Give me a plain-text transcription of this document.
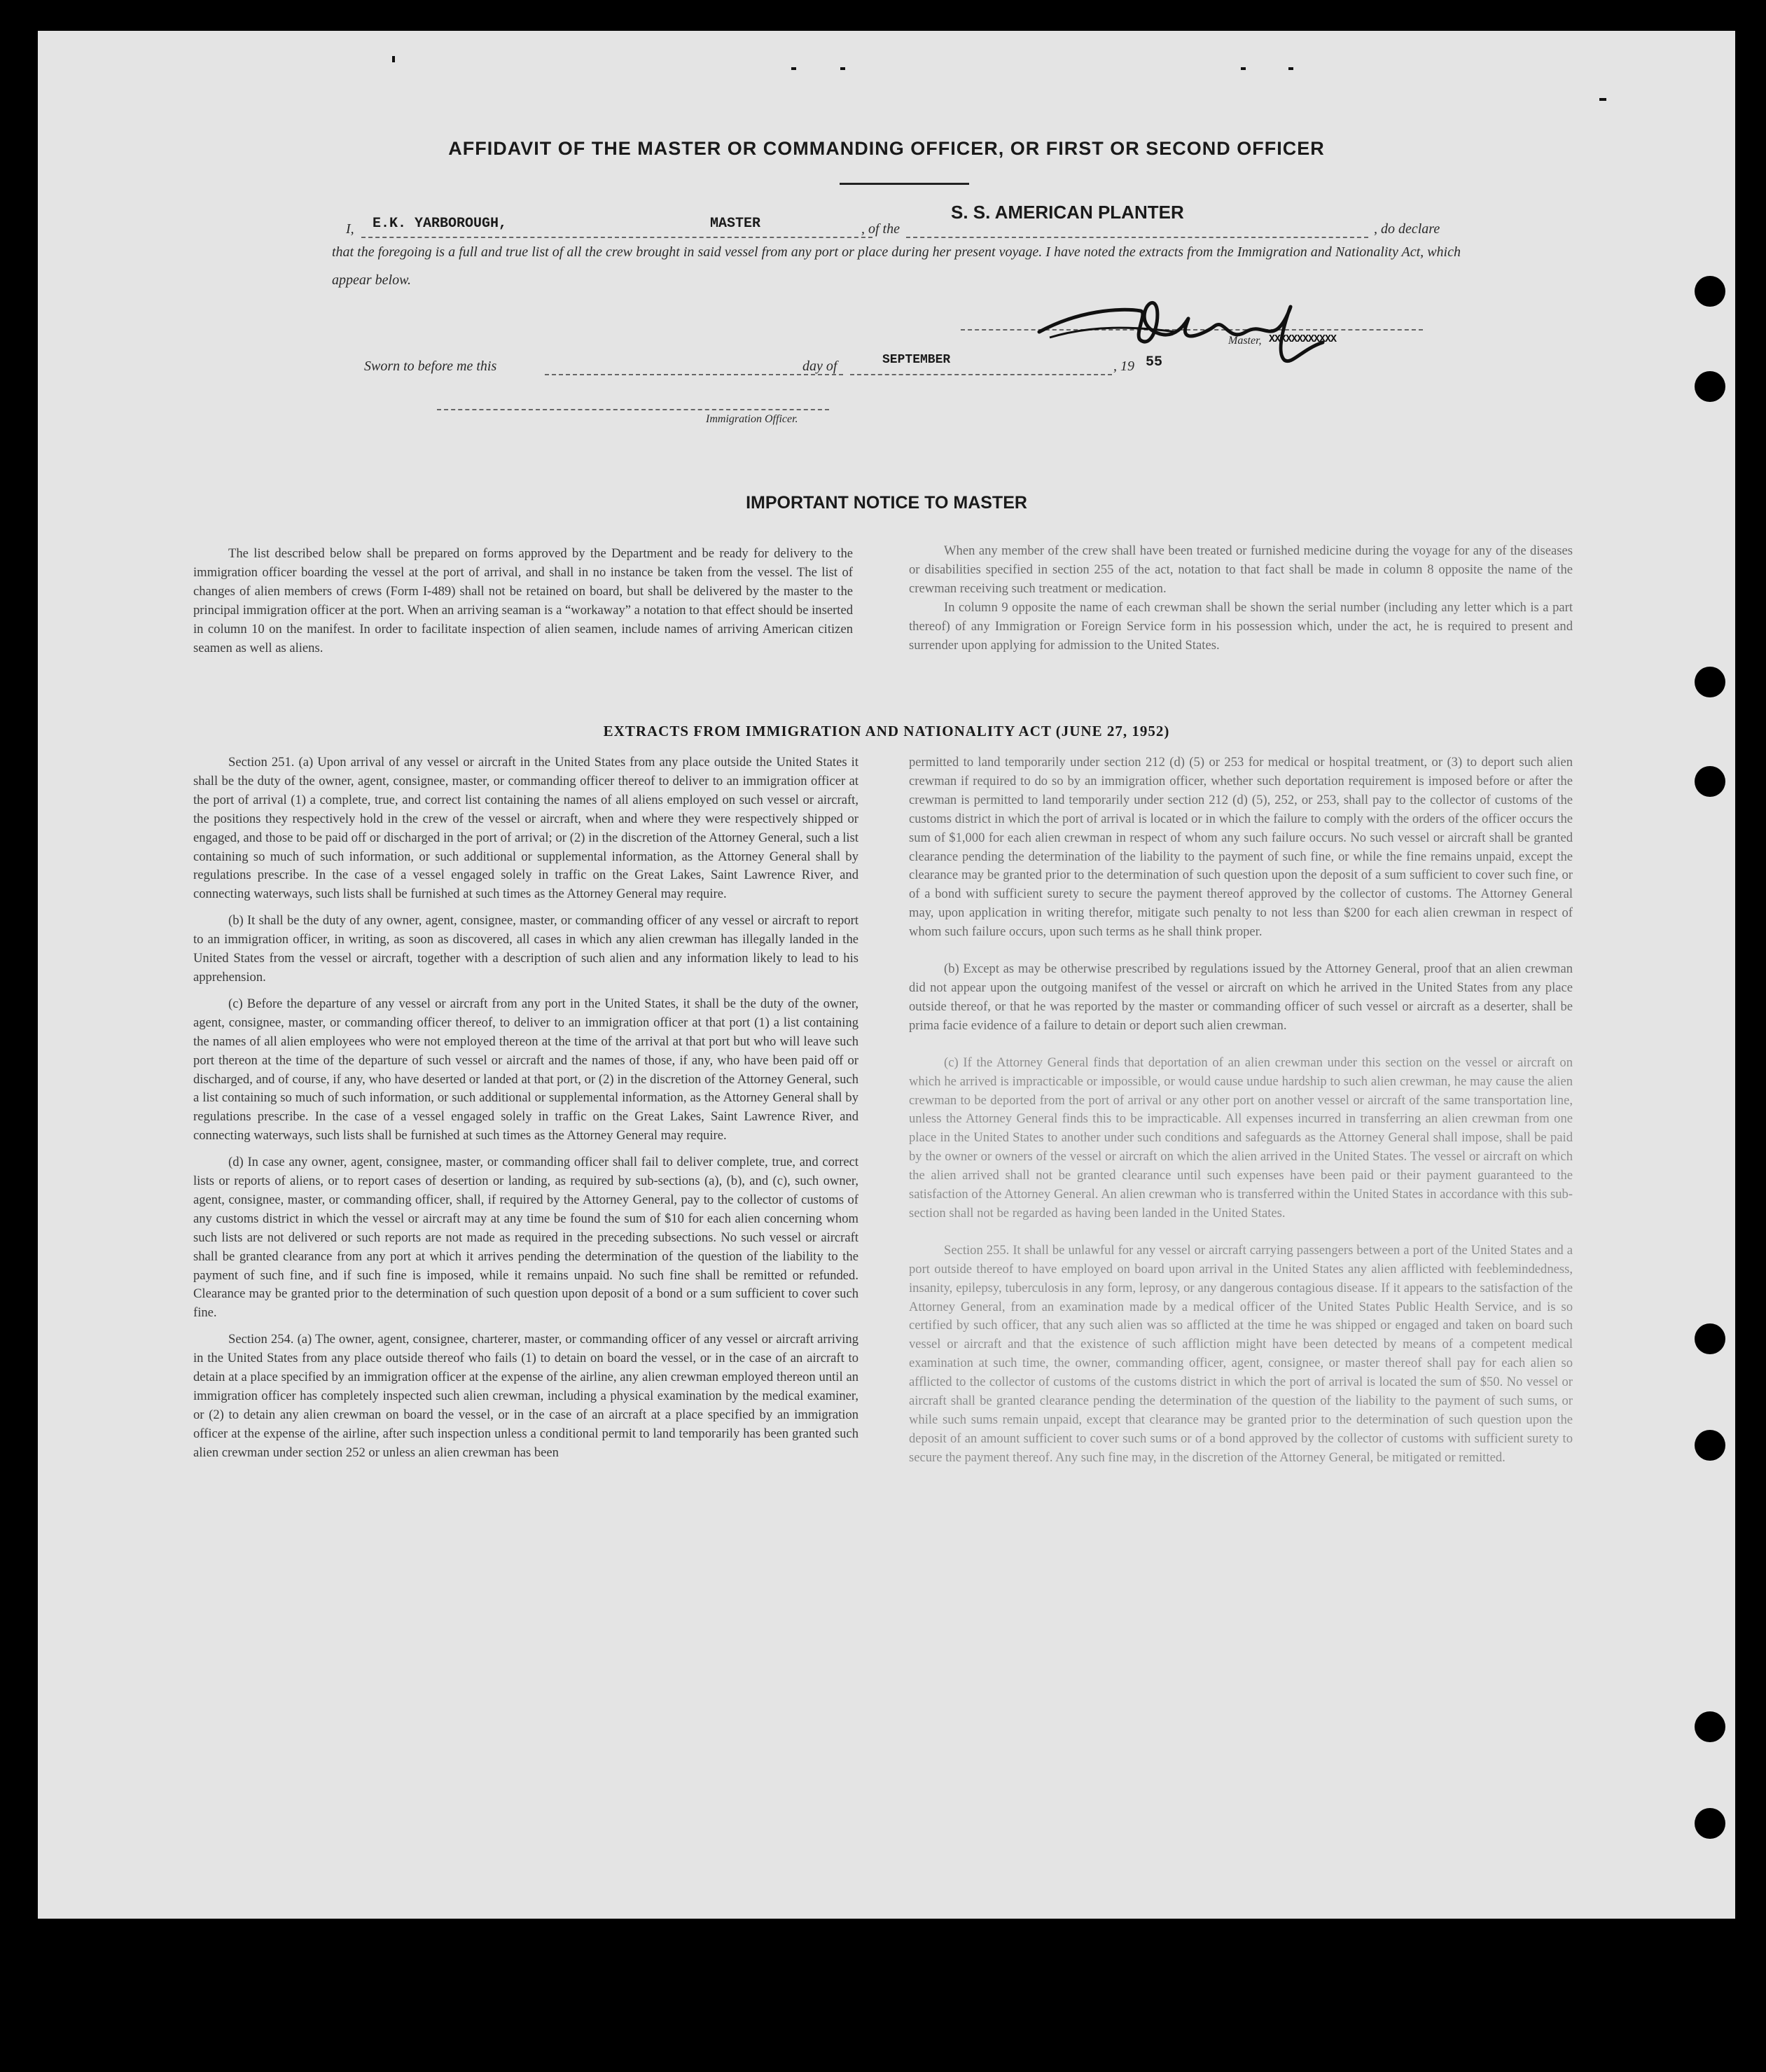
AFFIDAVIT OF THE MASTER OR COMMANDING OFFICER, OR FIRST OR SECOND OFFICER
I, E.K. YARBOROUGH,	MASTER	, of the
S. S. AMERICAN PLANTER
, do declare
that the foregoing is a full and true list of all the crew brought in said vessel from any port or place during her present voyage. I have noted the extracts from the Immigration and Nationality Act, which appear below.
Master, XXXXXXXXXXXX
Sworn to before me this	day of	SEPTEMBER	, 19 55
Immigration Officer.
IMPORTANT NOTICE TO MASTER

The list described below shall be prepared on forms approved by the Department and be ready for delivery to the immigration officer boarding the vessel at the port of arrival, and shall in no instance be taken from the vessel. The list of changes of alien members of crews (Form I-489) shall not be retained on board, but shall be delivered by the master to the principal immigration officer at the port. When an arriving seaman is a “workaway” a notation to that effect should be inserted in column 10 on the manifest. In order to facilitate inspection of alien seamen, include names of arriving American citizen seamen as well as aliens.

When any member of the crew shall have been treated or furnished medicine during the voyage for any of the diseases or disabilities specified in section 255 of the act, notation to that fact shall be made in column 8 opposite the name of the crewman receiving such treatment or medication.

In column 9 opposite the name of each crewman shall be shown the serial number (including any letter which is a part thereof) of any Immigration or Foreign Service form in his possession which, under the act, he is required to present and surrender upon applying for admission to the United States.

EXTRACTS FROM IMMIGRATION AND NATIONALITY ACT (JUNE 27, 1952)

Section 251. (a) Upon arrival of any vessel or aircraft in the United States from any place outside the United States it shall be the duty of the owner, agent, consignee, master, or commanding officer thereof to deliver to an immigration officer at the port of arrival (1) a complete, true, and correct list containing the names of all aliens employed on such vessel or aircraft, the positions they respectively hold in the crew of the vessel or aircraft, when and where they were respectively shipped or engaged, and those to be paid off or discharged in the port of arrival; or (2) in the discretion of the Attorney General, such a list containing so much of such information, or such additional or supplemental information, as the Attorney General shall by regulations prescribe. In the case of a vessel engaged solely in traffic on the Great Lakes, Saint Lawrence River, and connecting waterways, such lists shall be furnished at such times as the Attorney General may require.

(b) It shall be the duty of any owner, agent, consignee, master, or commanding officer of any vessel or aircraft to report to an immigration officer, in writing, as soon as discovered, all cases in which any alien crewman has illegally landed in the United States from the vessel or aircraft, together with a description of such alien and any information likely to lead to his apprehension.

(c) Before the departure of any vessel or aircraft from any port in the United States, it shall be the duty of the owner, agent, consignee, master, or commanding officer thereof, to deliver to an immigration officer at that port (1) a list containing the names of all alien employees who were not employed thereon at the time of the arrival at that port but who will leave such port thereon at the time of the departure of such vessel or aircraft and the names of those, if any, who have been paid off or discharged, and of course, if any, who have deserted or landed at that port, or (2) in the discretion of the Attorney General, such a list containing so much of such information, or such additional or supplemental information, as the Attorney General shall by regulations prescribe. In the case of a vessel engaged solely in traffic on the Great Lakes, Saint Lawrence River, and connecting waterways, such lists shall be furnished at such times as the Attorney General may require.

(d) In case any owner, agent, consignee, master, or commanding officer shall fail to deliver complete, true, and correct lists or reports of aliens, or to report cases of desertion or landing, as required by sub-sections (a), (b), and (c), such owner, agent, consignee, master, or commanding officer, shall, if required by the Attorney General, pay to the collector of customs of any customs district in which the vessel or aircraft may at any time be found the sum of $10 for each alien concerning whom such lists are not delivered or such reports are not made as required in the preceding subsections. No such vessel or aircraft shall be granted clearance from any port at which it arrives pending the determination of the question of the liability to the payment of such fine, and if such fine is imposed, while it remains unpaid. No such fine shall be remitted or refunded. Clearance may be granted prior to the determination of such question upon deposit of a bond or a sum sufficient to cover such fine.

Section 254. (a) The owner, agent, consignee, charterer, master, or commanding officer of any vessel or aircraft arriving in the United States from any place outside thereof who fails (1) to detain on board the vessel, or in the case of an aircraft to detain at a place specified by an immigration officer at the expense of the airline, any alien crewman employed thereon until an immigration officer has completely inspected such alien crewman, including a physical examination by the medical examiner, or (2) to detain any alien crewman on board the vessel, or in the case of an aircraft at a place specified by an immigration officer at the expense of the airline, after such inspection unless a conditional permit to land temporarily has been granted such alien crewman under section 252 or unless an alien crewman has been

permitted to land temporarily under section 212 (d) (5) or 253 for medical or hospital treatment, or (3) to deport such alien crewman if required to do so by an immigration officer, whether such deportation requirement is imposed before or after the crewman is permitted to land temporarily under section 212 (d) (5), 252, or 253, shall pay to the collector of customs of the customs district in which the port of arrival is located or in which the failure to comply with the orders of the officer occurs the sum of $1,000 for each alien crewman in respect of whom any such failure occurs. No such vessel or aircraft shall be granted clearance pending the determination of the liability to the payment of such fine, or while the fine remains unpaid, except the clearance may be granted prior to the determination of such question upon the deposit of a sum sufficient to cover such fine, or of a bond with sufficient surety to secure the payment thereof approved by the collector of customs. The Attorney General may, upon application in writing therefor, mitigate such penalty to not less than $200 for each alien crewman in respect of whom such failure occurs, upon such terms as he shall think proper.

(b) Except as may be otherwise prescribed by regulations issued by the Attorney General, proof that an alien crewman did not appear upon the outgoing manifest of the vessel or aircraft on which he arrived in the United States from any place outside thereof, or that he was reported by the master or commanding officer of such vessel or aircraft as a deserter, shall be prima facie evidence of a failure to detain or deport such alien crewman.

(c) If the Attorney General finds that deportation of an alien crewman under this section on the vessel or aircraft on which he arrived is impracticable or impossible, or would cause undue hardship to such alien crewman, he may cause the alien crewman to be deported from the port of arrival or any other port on another vessel or aircraft of the same transportation line, unless the Attorney General finds this to be impracticable. All expenses incurred in transferring an alien crewman from one place in the United States to another under such conditions and safeguards as the Attorney General shall impose, shall be paid by the owner or owners of the vessel or aircraft on which the alien arrived in the United States. The vessel or aircraft on which the alien arrived shall not be granted clearance until such expenses have been paid or their payment guaranteed to the satisfaction of the Attorney General. An alien crewman who is transferred within the United States in accordance with this sub-section shall not be regarded as having been landed in the United States.

Section 255. It shall be unlawful for any vessel or aircraft carrying passengers between a port of the United States and a port outside thereof to have employed on board upon arrival in the United States any alien afflicted with feeblemindedness, insanity, epilepsy, tuberculosis in any form, leprosy, or any dangerous contagious disease. If it appears to the satisfaction of the Attorney General, from an examination made by a medical officer of the United States Public Health Service, and is so certified by such officer, that any such alien was so afflicted at the time he was shipped or engaged and taken on board such vessel or aircraft and that the existence of such affliction might have been detected by means of a competent medical examination at such time, the owner, commanding officer, agent, consignee, or master thereof shall pay for each alien so afflicted to the collector of customs of the customs district in which the port of arrival is located the sum of $50. No vessel or aircraft shall be granted clearance pending the determination of the question of the liability to the payment of such sums, or while such sums remain unpaid, except that clearance may be granted prior to the determination of such question upon the deposit of an amount sufficient to cover such sums or of a bond approved by the collector of customs with sufficient surety to secure the payment thereof. Any such fine may, in the discretion of the Attorney General, be mitigated or remitted.
